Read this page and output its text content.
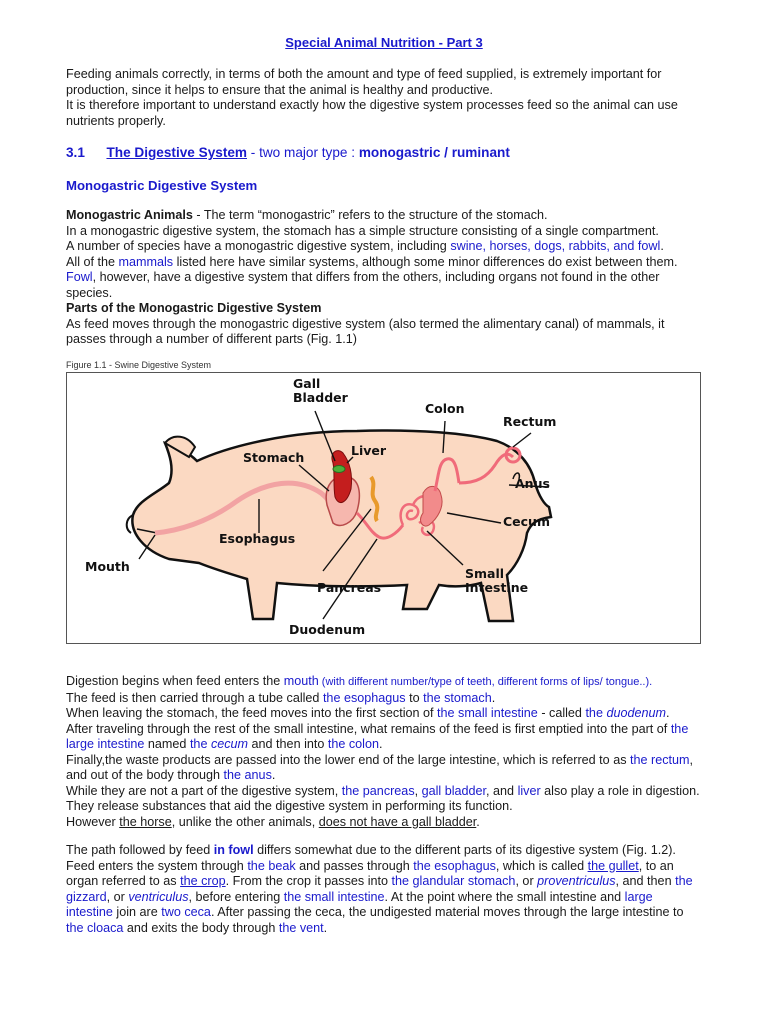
Special Animal Nutrition - Part 3

Feeding animals correctly, in terms of both the amount and type of feed supplied, is extremely important for production, since it helps to ensure that the animal is healthy and productive.

It is therefore important to understand exactly how the digestive system processes feed so the animal can use nutrients properly.

3.1 The Digestive System - two major type : monogastric / ruminant

Monogastric Digestive System

Monogastric Animals - The term “monogastric” refers to the structure of the stomach.

In a monogastric digestive system, the stomach has a simple structure consisting of a single compartment.

A number of species have a monogastric digestive system, including swine, horses, dogs, rabbits, and fowl.

All of the mammals listed here have similar systems, although some minor differences do exist between them.

Fowl, however, have a digestive system that differs from the others, including organs not found in the other species.

Parts of the Monogastric Digestive System

As feed moves through the monogastric digestive system (also termed the alimentary canal) of mammals, it passes through a number of different parts (Fig. 1.1)

Figure 1.1 - Swine Digestive System

Gall
Bladder
Colon
Rectum
Stomach	Liver
Anus
Cecum
Esophagus
Mouth	Small
Intestine
Pancreas
Duodenum

Digestion begins when feed enters the mouth (with different number/type of teeth, different forms of lips/ tongue..).

The feed is then carried through a tube called the esophagus to the stomach.

When leaving the stomach, the feed moves into the first section of the small intestine - called the duodenum.

After traveling through the rest of the small intestine, what remains of the feed is first emptied into the part of the large intestine named the cecum and then into the colon.

Finally,the waste products are passed into the lower end of the large intestine, which is referred to as the rectum, and out of the body through the anus.

While they are not a part of the digestive system, the pancreas, gall bladder, and liver also play a role in digestion. They release substances that aid the digestive system in performing its function.

However the horse, unlike the other animals, does not have a gall bladder.

The path followed by feed in fowl differs somewhat due to the different parts of its digestive system (Fig. 1.2). Feed enters the system through the beak and passes through the esophagus, which is called the gullet, to an organ referred to as the crop. From the crop it passes into the glandular stomach, or proventriculus, and then the gizzard, or ventriculus, before entering the small intestine. At the point where the small intestine and large intestine join are two ceca. After passing the ceca, the undigested material moves through the large intestine to the cloaca and exits the body through the vent.
